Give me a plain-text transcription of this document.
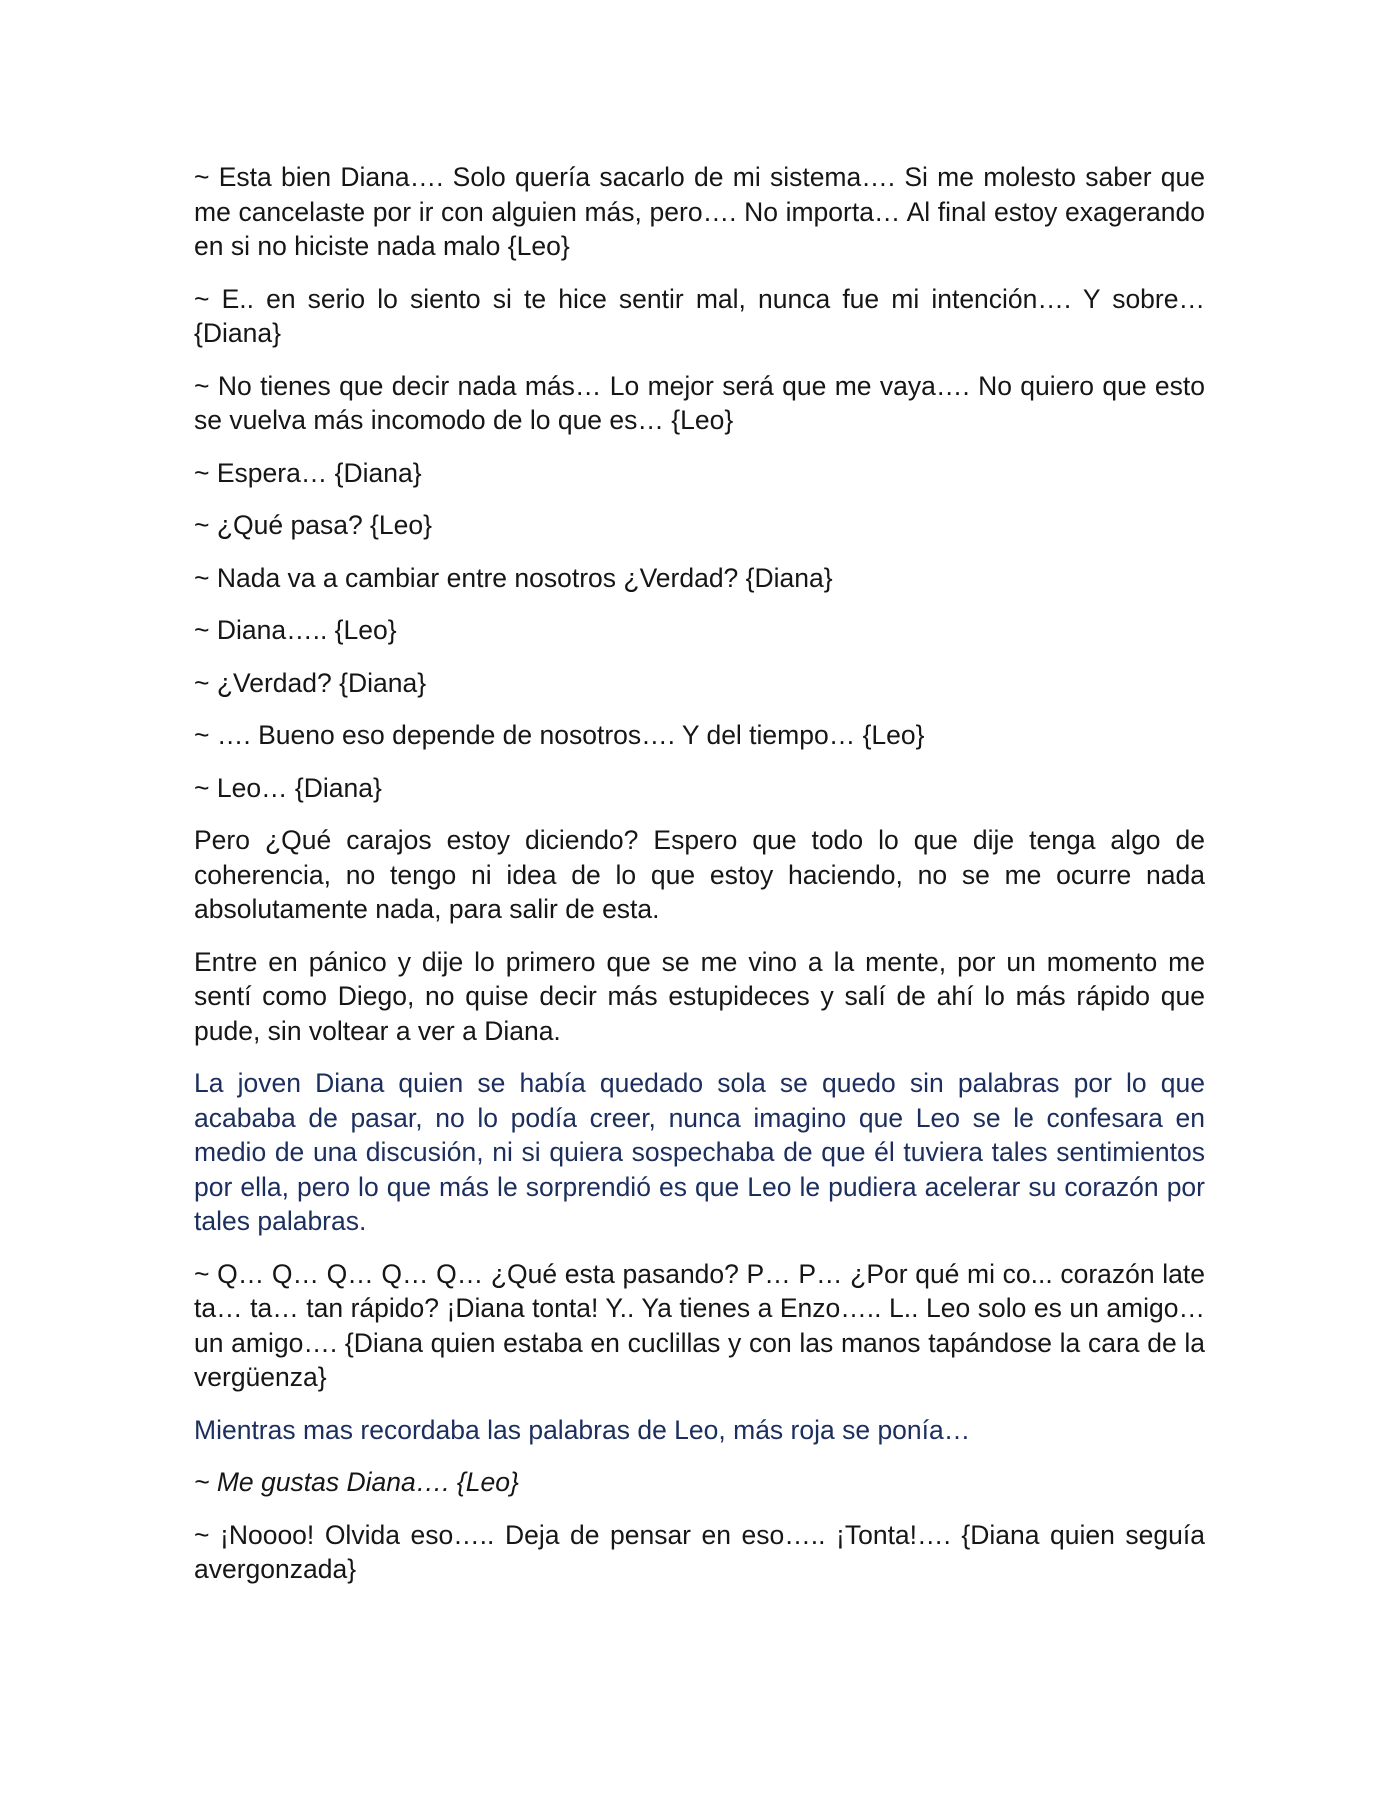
~ Esta bien Diana…. Solo quería sacarlo de mi sistema…. Si me molesto saber que me cancelaste por ir con alguien más, pero…. No importa… Al final estoy exagerando en si no hiciste nada malo {Leo}

~ E.. en serio lo siento si te hice sentir mal, nunca fue mi intención…. Y sobre… {Diana}

~ No tienes que decir nada más… Lo mejor será que me vaya…. No quiero que esto se vuelva más incomodo de lo que es… {Leo}

~ Espera… {Diana}

~ ¿Qué pasa? {Leo}

~ Nada va a cambiar entre nosotros ¿Verdad? {Diana}

~ Diana….. {Leo}

~ ¿Verdad? {Diana}

~ …. Bueno eso depende de nosotros…. Y del tiempo… {Leo}

~ Leo… {Diana}

Pero ¿Qué carajos estoy diciendo? Espero que todo lo que dije tenga algo de coherencia, no tengo ni idea de lo que estoy haciendo, no se me ocurre nada absolutamente nada, para salir de esta.

Entre en pánico y dije lo primero que se me vino a la mente, por un momento me sentí como Diego, no quise decir más estupideces y salí de ahí lo más rápido que pude, sin voltear a ver a Diana.

La joven Diana quien se había quedado sola se quedo sin palabras por lo que acababa de pasar, no lo podía creer, nunca imagino que Leo se le confesara en medio de una discusión, ni si quiera sospechaba de que él tuviera tales sentimientos por ella, pero lo que más le sorprendió es que Leo le pudiera acelerar su corazón por tales palabras.

~ Q… Q… Q… Q… Q… ¿Qué esta pasando? P… P… ¿Por qué mi co... corazón late ta… ta… tan rápido? ¡Diana tonta! Y.. Ya tienes a Enzo….. L.. Leo solo es un amigo… un amigo…. {Diana quien estaba en cuclillas y con las manos tapándose la cara de la vergüenza}

Mientras mas recordaba las palabras de Leo, más roja se ponía…

~ Me gustas Diana…. {Leo}

~ ¡Noooo! Olvida eso….. Deja de pensar en eso….. ¡Tonta!…. {Diana quien seguía avergonzada}
